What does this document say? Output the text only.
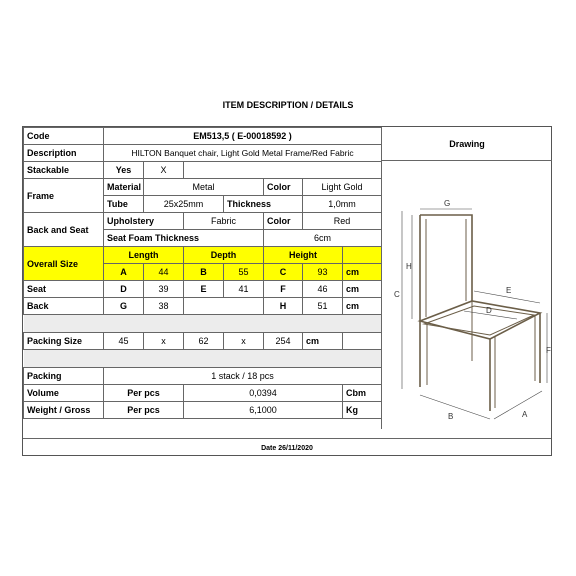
ITEM DESCRIPTION / DETAILS
Code	EM513,5 ( E-00018592 )						
Description	HILTON Banquet chair, Light Gold Metal Frame/Red Fabric						
Stackable	Yes	X					
Frame	Material	Metal			Color	Light Gold	
	Tube	25x25mm		Thickness		1,0mm	
Back and Seat	Upholstery		Fabric		Color	Red	
	Seat Foam Thickness				6cm		
Overall Size	Length		Depth		Height		
	A	44	B	55	C	93	cm
Seat	D	39	E	41	F	46	cm
Back	G	38			H	51	cm

Packing Size	45	x	62	x	254	cm	

Packing	1 stack / 18 pcs						
Volume	Per pcs		0,0394				Cbm
Weight / Gross	Per pcs		6,1000				Kg
Drawing
G
H
C	E
D
F
B	A
Date 26/11/2020
